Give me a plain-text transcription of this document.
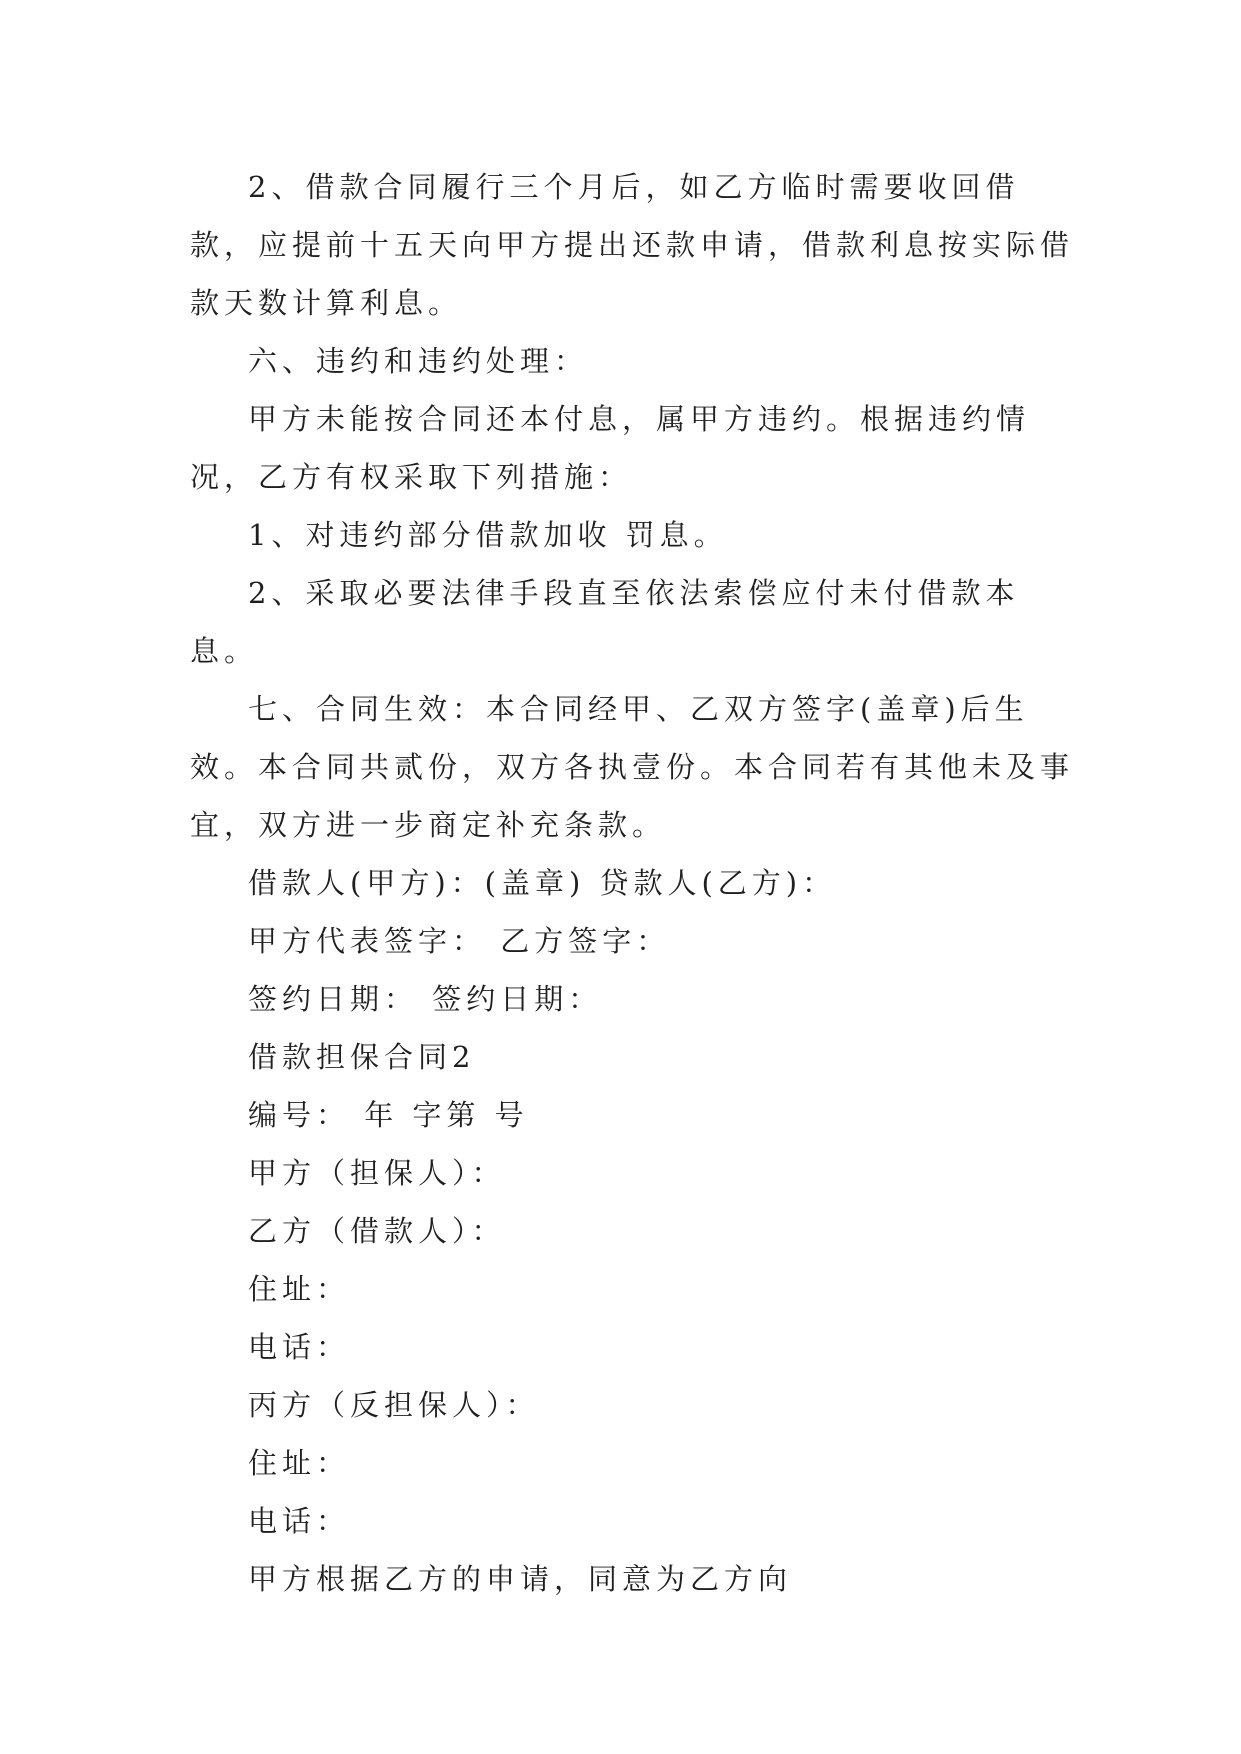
2、借款合同履行三个月后，如乙方临时需要收回借款，应提前十五天向甲方提出还款申请，借款利息按实际借款天数计算利息。

六、违约和违约处理：

甲方未能按合同还本付息，属甲方违约。根据违约情况，乙方有权采取下列措施：

1、对违约部分借款加收 罚息。

2、采取必要法律手段直至依法索偿应付未付借款本息。

七、合同生效：本合同经甲、乙双方签字(盖章)后生效。本合同共贰份，双方各执壹份。本合同若有其他未及事宜，双方进一步商定补充条款。

借款人(甲方)：(盖章) 贷款人(乙方)：

甲方代表签字： 乙方签字：

签约日期： 签约日期：

借款担保合同2

编号： 年 字第 号

甲方（担保人）：

乙方（借款人）：

住址：

电话：

丙方（反担保人）：

住址：

电话：

甲方根据乙方的申请，同意为乙方向
